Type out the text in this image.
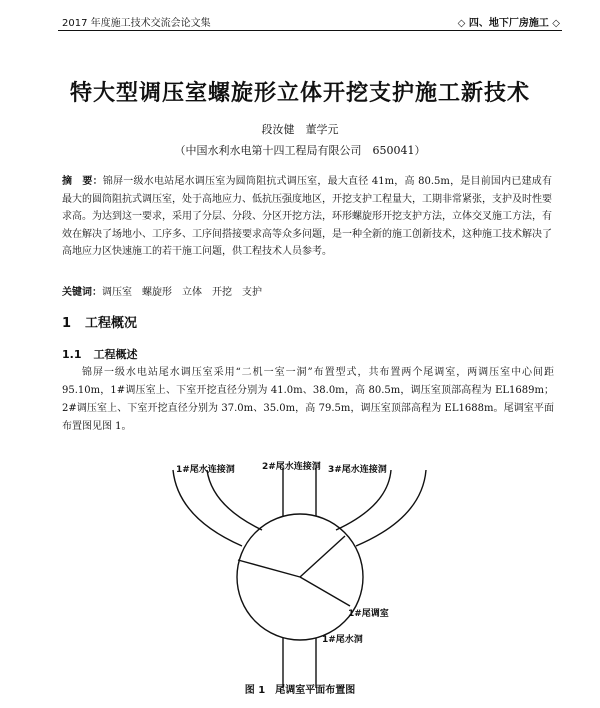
2017 年度施工技术交流会论文集	◇ 四、地下厂房施工 ◇
特大型调压室螺旋形立体开挖支护施工新技术
段汝健　董学元
（中国水利水电第十四工程局有限公司　650041）
摘　要：锦屏一级水电站尾水调压室为圆筒阻抗式调压室，最大直径 41m，高 80.5m，是目前国内已建成有最大的圆筒阻抗式调压室，处于高地应力、低抗压强度地区，开挖支护工程量大，工期非常紧张，支护及时性要求高。为达到这一要求，采用了分层、分段、分区开挖方法，环形螺旋形开挖支护方法，立体交叉施工方法，有效在解决了场地小、工序多、工序间搭接要求高等众多问题，是一种全新的施工创新技术，这种施工技术解决了高地应力区快速施工的若干施工问题，供工程技术人员参考。
关键词：调压室　螺旋形　立体　开挖　支护
1 工程概况
1.1 工程概述
锦屏一级水电站尾水调压室采用“二机一室一洞”布置型式，共布置两个尾调室，两调压室中心间距 95.10m，1#调压室上、下室开挖直径分别为 41.0m、38.0m，高 80.5m，调压室顶部高程为 EL1689m；2#调压室上、下室开挖直径分别为 37.0m、35.0m，高 79.5m，调压室顶部高程为 EL1688m。尾调室平面布置图见图 1。
1#尾水连接洞	2#尾水连接洞 3#尾水连接洞
1#尾调室
1#尾水洞
图 1 尾调室平面布置图
